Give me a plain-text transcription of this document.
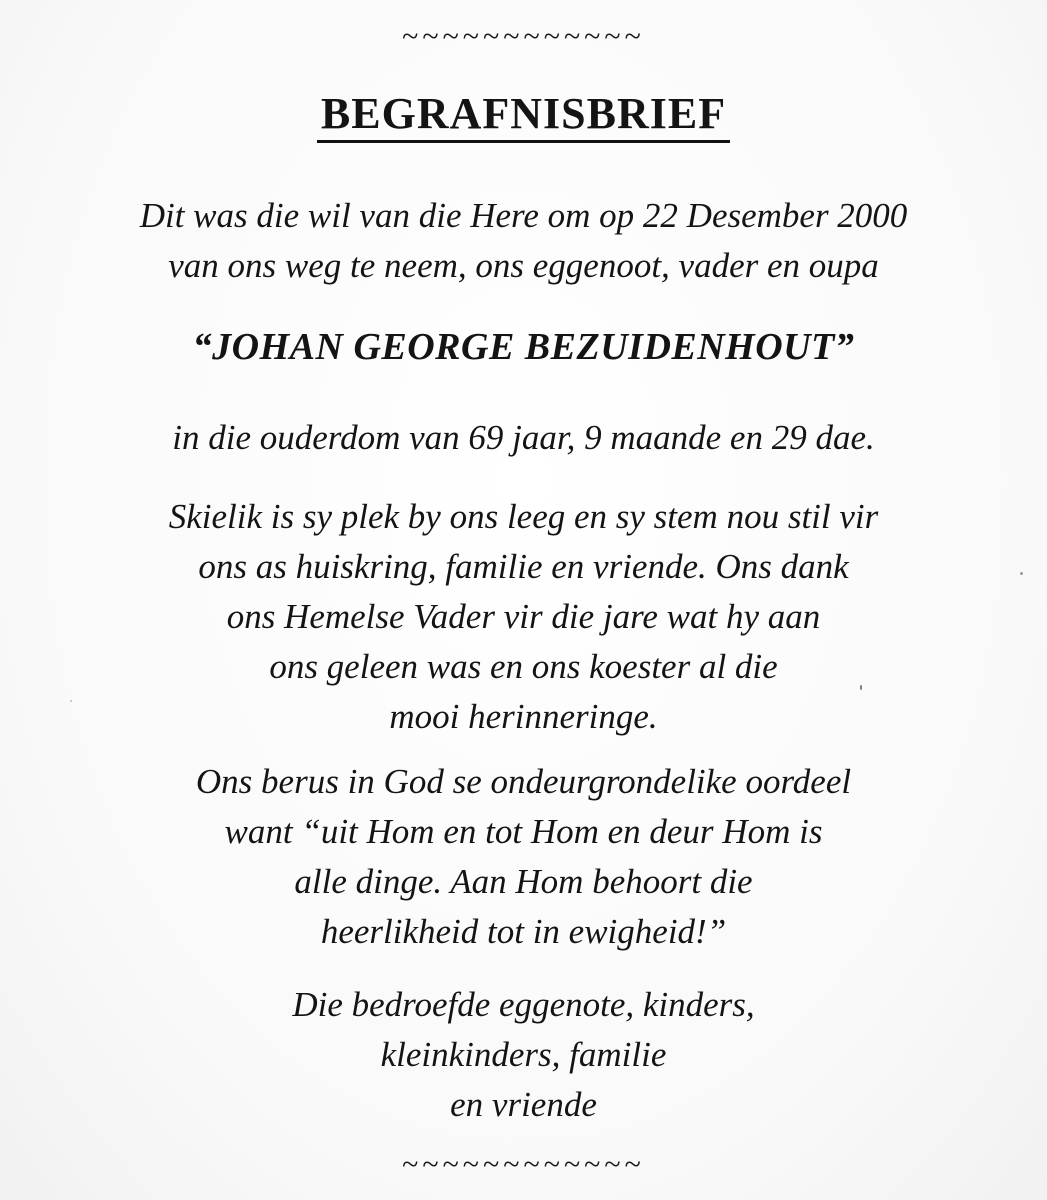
~~~~~~~~~~~~
BEGRAFNISBRIEF
Dit was die wil van die Here om op 22 Desember 2000
van ons weg te neem, ons eggenoot, vader en oupa
“JOHAN GEORGE BEZUIDENHOUT”
in die ouderdom van 69 jaar, 9 maande en 29 dae.
Skielik is sy plek by ons leeg en sy stem nou stil vir
ons as huiskring, familie en vriende. Ons dank
ons Hemelse Vader vir die jare wat hy aan
ons geleen was en ons koester al die
mooi herinneringe.
Ons berus in God se ondeurgrondelike oordeel
want “uit Hom en tot Hom en deur Hom is
alle dinge. Aan Hom behoort die
heerlikheid tot in ewigheid!”
Die bedroefde eggenote, kinders,
kleinkinders, familie
en vriende
~~~~~~~~~~~~
